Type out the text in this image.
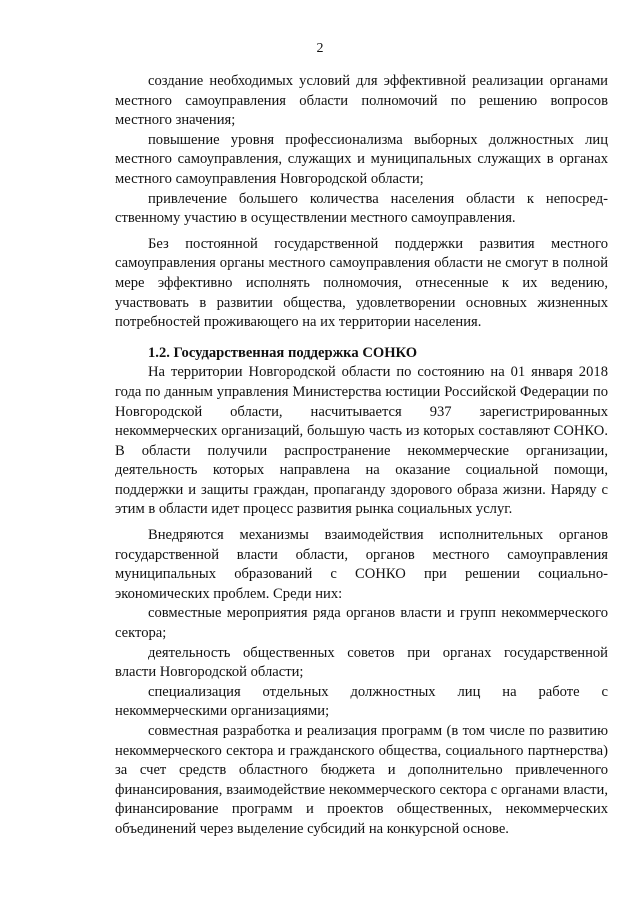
2

создание необходимых условий для эффективной реализации органами местного самоуправления области полномочий по решению вопросов местного значения;

повышение уровня профессионализма выборных должностных лиц местного самоуправления, служащих и муниципальных служащих в органах местного самоуправления Новгородской области;

привлечение большего количества населения области к непосред-ственному участию в осуществлении местного самоуправления.

Без постоянной государственной поддержки развития местного самоуправления органы местного самоуправления области не смогут в полной мере эффективно исполнять полномочия, отнесенные к их ведению, участвовать в развитии общества, удовлетворении основных жизненных потребностей проживающего на их территории населения.

1.2. Государственная поддержка СОНКО

На территории Новгородской области по состоянию на 01 января 2018 года по данным управления Министерства юстиции Российской Федерации по Новгородской области, насчитывается 937 зарегистрированных некоммерческих организаций, большую часть из которых составляют СОНКО. В области получили распространение некоммерческие организации, деятельность которых направлена на оказание социальной помощи, поддержки и защиты граждан, пропаганду здорового образа жизни. Наряду с этим в области идет процесс развития рынка социальных услуг.

Внедряются механизмы взаимодействия исполнительных органов государственной власти области, органов местного самоуправления муниципальных образований с СОНКО при решении социально-экономических проблем. Среди них:

совместные мероприятия ряда органов власти и групп некоммерческого сектора;

деятельность общественных советов при органах государственной власти Новгородской области;

специализация отдельных должностных лиц на работе с некоммерческими организациями;

совместная разработка и реализация программ (в том числе по развитию некоммерческого сектора и гражданского общества, социального партнерства) за счет средств областного бюджета и дополнительно привлеченного финансирования, взаимодействие некоммерческого сектора с органами власти, финансирование программ и проектов общественных, некоммерческих объединений через выделение субсидий на конкурсной основе.
